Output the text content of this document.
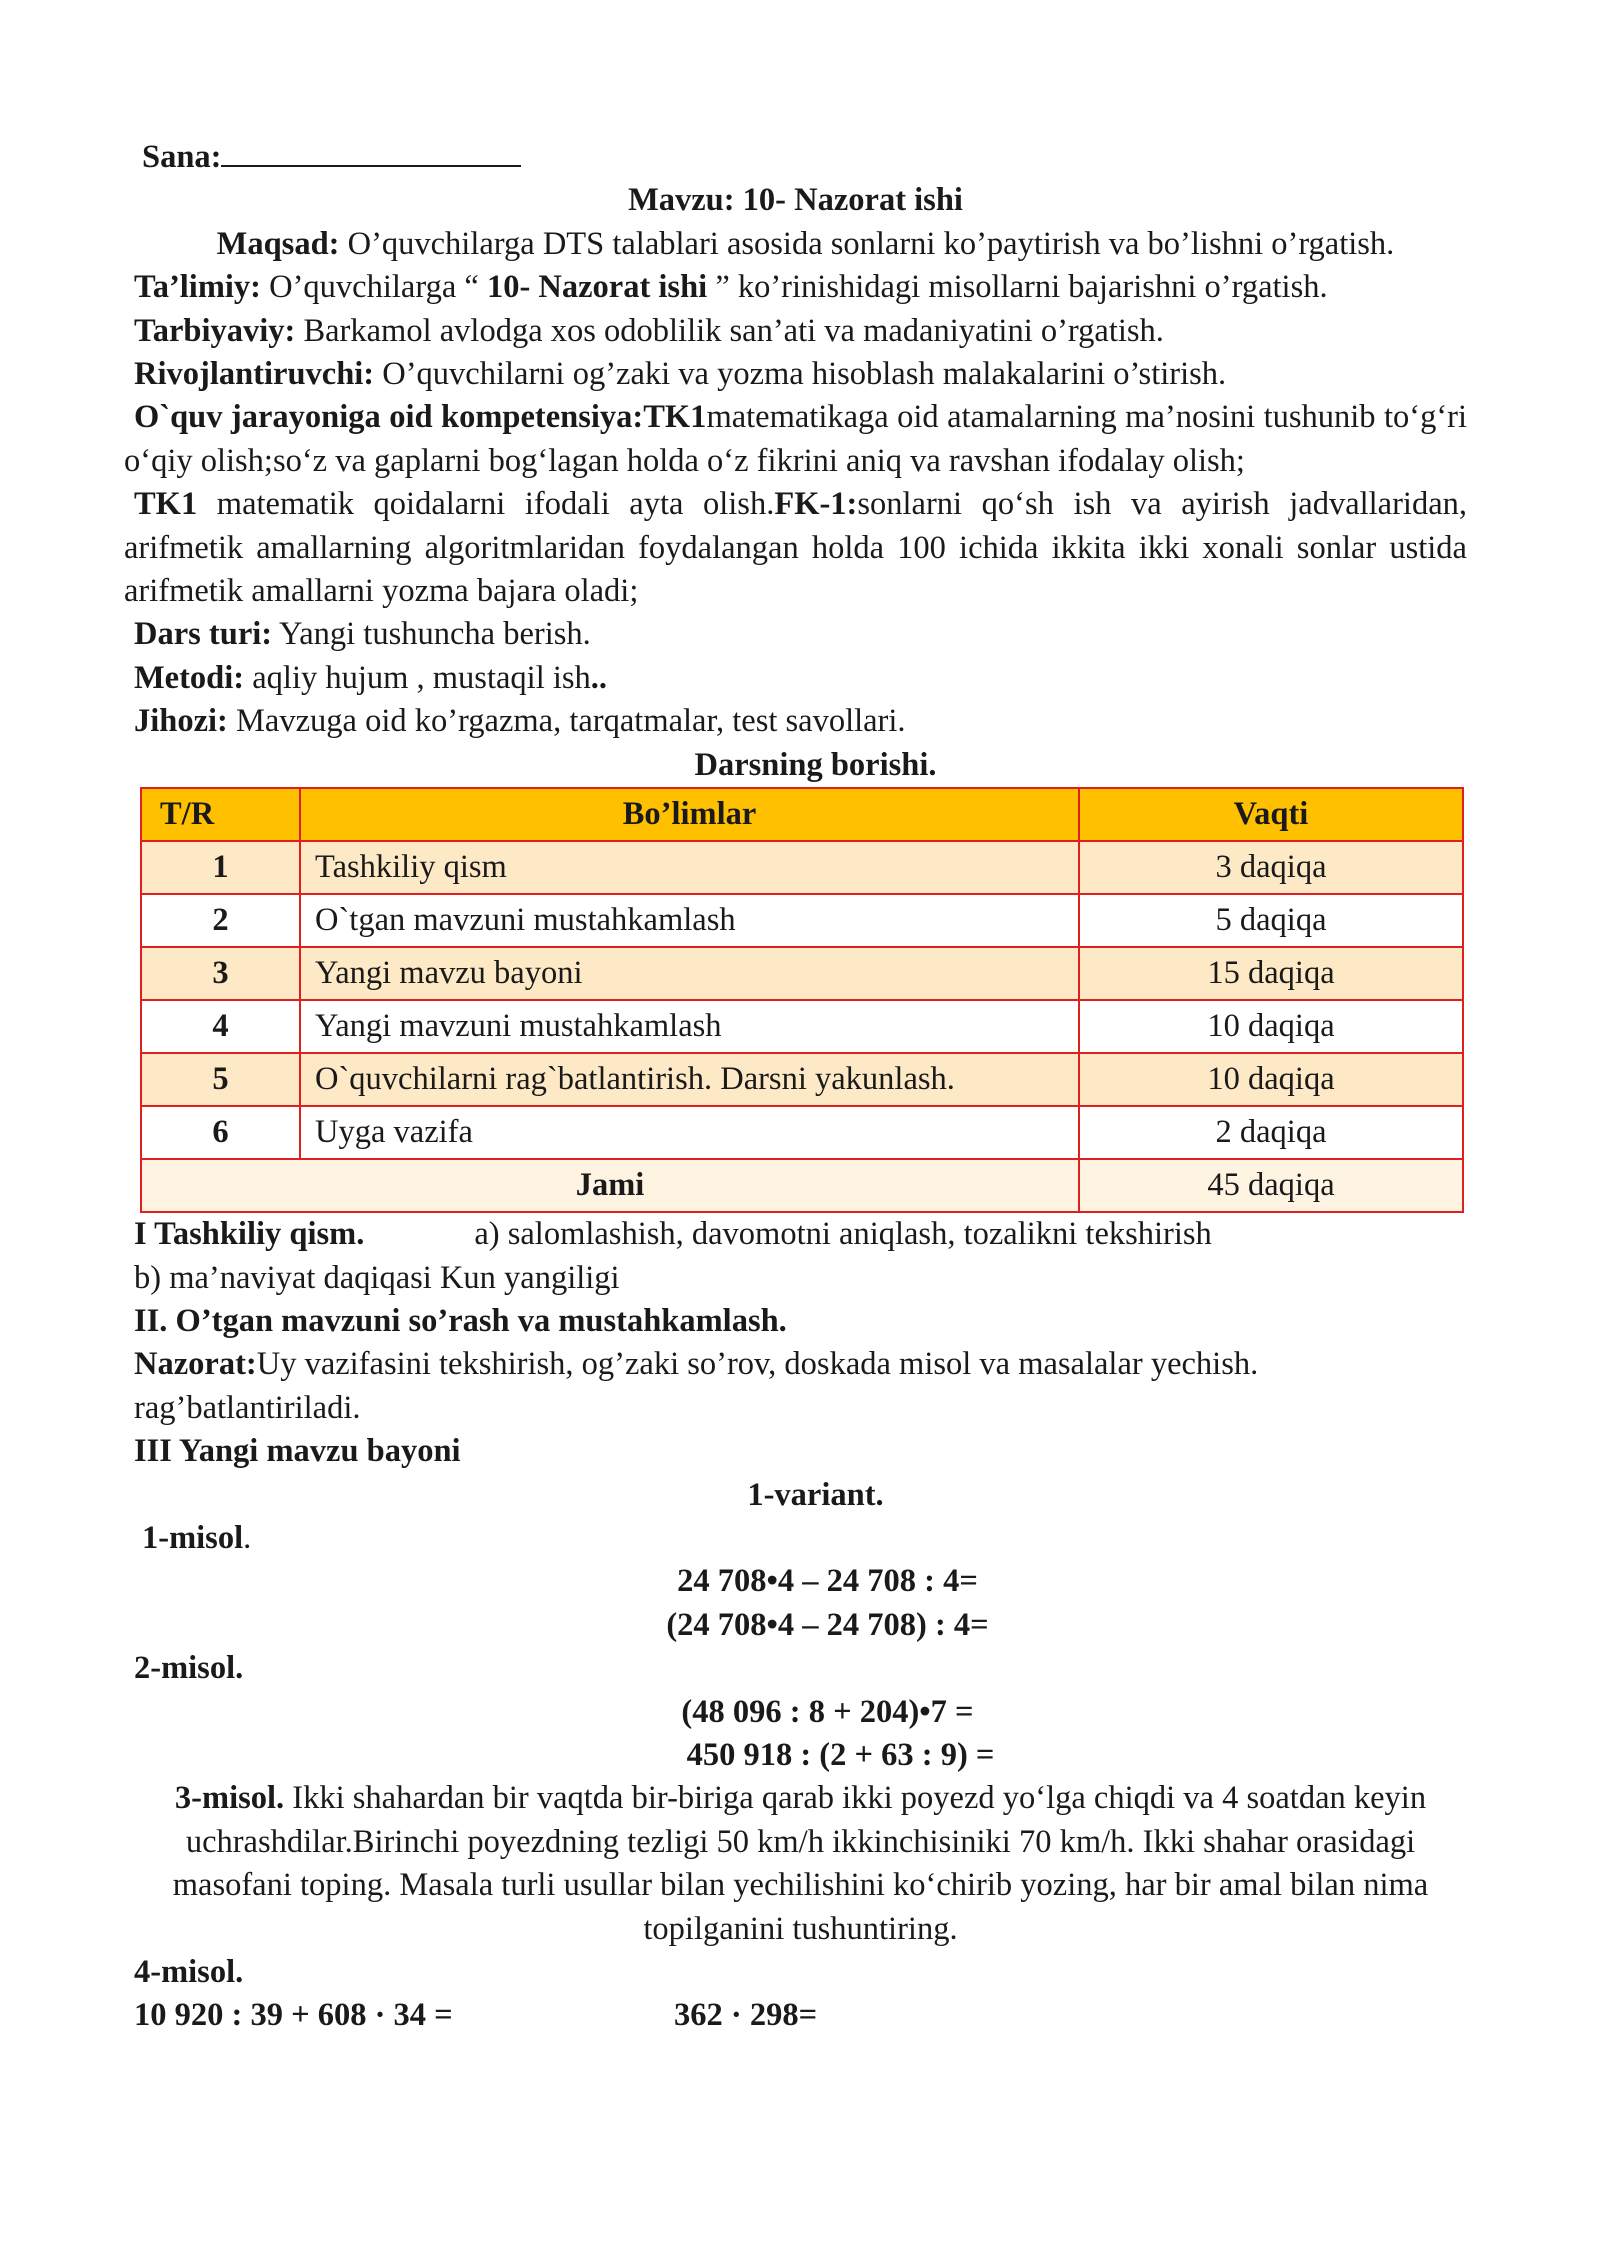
Sana:

Mavzu: 10- Nazorat ishi

Maqsad: O’quvchilarga DTS talablari asosida sonlarni ko’paytirish va bo’lishni o’rgatish.

Ta’limiy: O’quvchilarga “ 10- Nazorat ishi ” ko’rinishidagi misollarni bajarishni o’rgatish.

Tarbiyaviy: Barkamol avlodga xos odoblilik san’ati va madaniyatini o’rgatish.

Rivojlantiruvchi: O’quvchilarni og’zaki va yozma hisoblash malakalarini o’stirish.

O`quv jarayoniga oid kompetensiya:TK1matematikaga oid atamalarning ma’nosini tushunib to‘g‘ri o‘qiy olish;so‘z va gaplarni bog‘lagan holda o‘z fikrini aniq va ravshan ifodalay olish;

TK1 matematik qoidalarni ifodali ayta olish.FK-1:sonlarni qo‘sh ish va ayirish jadvallaridan, arifmetik amallarning algoritmlaridan foydalangan holda 100 ichida ikkita ikki xonali sonlar ustida arifmetik amallarni yozma bajara oladi;

Dars turi: Yangi tushuncha berish.

Metodi: aqliy hujum , mustaqil ish..

Jihozi: Mavzuga oid ko’rgazma, tarqatmalar, test savollari.

Darsning borishi.

T/R	Bo’limlar	Vaqti
1	Tashkiliy qism	3 daqiqa
2	O`tgan mavzuni mustahkamlash	5 daqiqa
3	Yangi mavzu bayoni	15 daqiqa
4	Yangi mavzuni mustahkamlash	10 daqiqa
5	O`quvchilarni rag`batlantirish. Darsni yakunlash.	10 daqiqa
6	Uyga vazifa	2 daqiqa
Jami		45 daqiqa

I Tashkiliy qism.	a) salomlashish, davomotni aniqlash, tozalikni tekshirish

b) ma’naviyat daqiqasi Kun yangiligi

II. O’tgan mavzuni so’rash va mustahkamlash.

Nazorat:Uy vazifasini tekshirish, og’zaki so’rov, doskada misol va masalalar yechish. rag’batlantiriladi.

III Yangi mavzu bayoni

1-variant.

1-misol.

24 708•4 – 24 708 : 4=

(24 708•4 – 24 708) : 4=

2-misol.

(48 096 : 8 + 204)•7 =

450 918 : (2 + 63 : 9) =

3-misol. Ikki shahardan bir vaqtda bir-biriga qarab ikki poyezd yo‘lga chiqdi va 4 soatdan keyin uchrashdilar.Birinchi poyezdning tezligi 50 km/h ikkinchisiniki 70 km/h. Ikki shahar orasidagi masofani toping. Masala turli usullar bilan yechilishini ko‘chirib yozing, har bir amal bilan nima topilganini tushuntiring.

4-misol.

10 920 : 39 + 608 · 34 =	362 · 298=
